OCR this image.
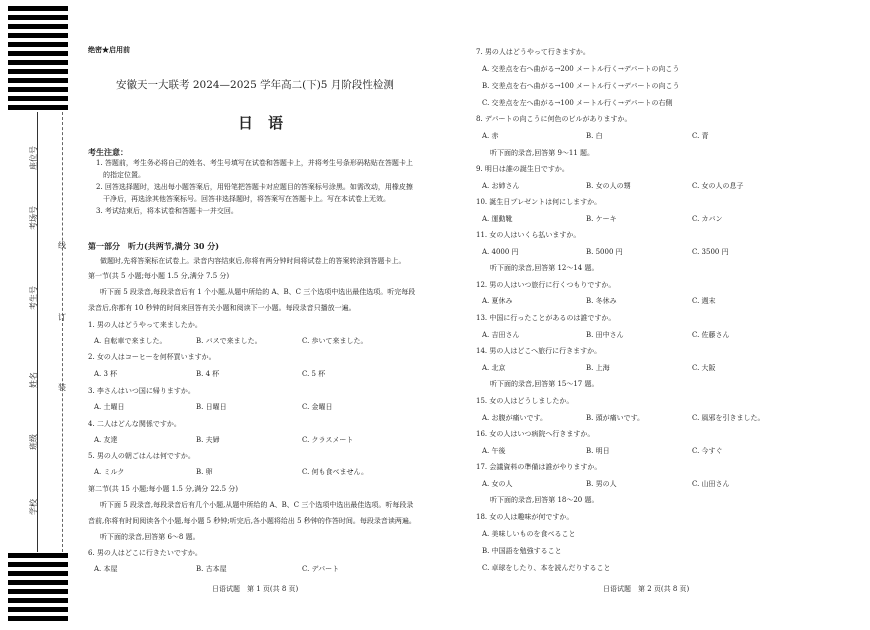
座位号
考场号
考生号
姓名
班级
学校
线
订
装
绝密★启用前
安徽天一大联考 2024—2025 学年高二(下)5 月阶段性检测
日　语
考生注意：
1. 答题前，考生务必将自己的姓名、考生号填写在试卷和答题卡上，并将考生号条形码粘贴在答题卡上
　的指定位置。
2. 回答选择题时，选出每小题答案后，用铅笔把答题卡对应题目的答案标号涂黑。如需改动，用橡皮擦
　干净后，再选涂其他答案标号。回答非选择题时，将答案写在答题卡上。写在本试卷上无效。
3. 考试结束后，将本试卷和答题卡一并交回。
第一部分　听力(共两节,满分 30 分)
做题时,先将答案标在试卷上。录音内容结束后,你将有两分钟时间将试卷上的答案转涂到答题卡上。
第一节(共 5 小题;每小题 1.5 分,满分 7.5 分)
听下面 5 段录音,每段录音后有 1 个小题,从题中所给的 A、B、C 三个选项中选出最佳选项。听完每段
录音后,你都有 10 秒钟的时间来回答有关小题和阅读下一小题。每段录音只播放一遍。
1. 男の人はどうやって来ましたか。
A. 自転車で来ました。	B. バスで来ました。	C. 歩いて来ました。
2. 女の人はコーヒーを何杯買いますか。
A. 3 杯	B. 4 杯	C. 5 杯
3. 李さんはいつ国に帰りますか。
A. 土曜日	B. 日曜日	C. 金曜日
4. 二人はどんな関係ですか。
A. 友達	B. 夫婦	C. クラスメート
5. 男の人の朝ごはんは何ですか。
A. ミルク	B. 卵	C. 何も食べません。
第二节(共 15 小题;每小题 1.5 分,满分 22.5 分)
听下面 5 段录音,每段录音后有几个小题,从题中所给的 A、B、C 三个选项中选出最佳选项。听每段录
音前,你将有时间阅读各个小题,每小题 5 秒钟;听完后,各小题将给出 5 秒钟的作答时间。每段录音读两遍。
听下面的录音,回答第 6～8 题。
6. 男の人はどこに行きたいですか。
A. 本屋	B. 古本屋	C. デパート
7. 男の人はどうやって行きますか。
A. 交差点を右へ曲がる→200 メートル行く→デパートの向こう
B. 交差点を右へ曲がる→100 メートル行く→デパートの向こう
C. 交差点を左へ曲がる→100 メートル行く→デパートの右側
8. デパートの向こうに何色のビルがありますか。
A. 赤	B. 白	C. 青
听下面的录音,回答第 9～11 题。
9. 明日は誰の誕生日ですか。
A. お姉さん	B. 女の人の甥	C. 女の人の息子
10. 誕生日プレゼントは何にしますか。
A. 運動靴	B. ケーキ	C. カバン
11. 女の人はいくら払いますか。
A. 4000 円	B. 5000 円	C. 3500 円
听下面的录音,回答第 12～14 题。
12. 男の人はいつ旅行に行くつもりですか。
A. 夏休み	B. 冬休み	C. 週末
13. 中国に行ったことがあるのは誰ですか。
A. 吉田さん	B. 田中さん	C. 佐藤さん
14. 男の人はどこへ旅行に行きますか。
A. 北京	B. 上海	C. 大阪
听下面的录音,回答第 15～17 题。
15. 女の人はどうしましたか。
A. お腹が痛いです。	B. 頭が痛いです。	C. 風邪を引きました。
16. 女の人はいつ病院へ行きますか。
A. 午後	B. 明日	C. 今すぐ
17. 会議資料の準備は誰がやりますか。
A. 女の人	B. 男の人	C. 山田さん
听下面的录音,回答第 18～20 题。
18. 女の人は趣味が何ですか。
A. 美味しいものを食べること
B. 中国語を勉強すること
C. 卓球をしたり、本を読んだりすること
日语试题　第 1 页(共 8 页)	日语试题　第 2 页(共 8 页)
